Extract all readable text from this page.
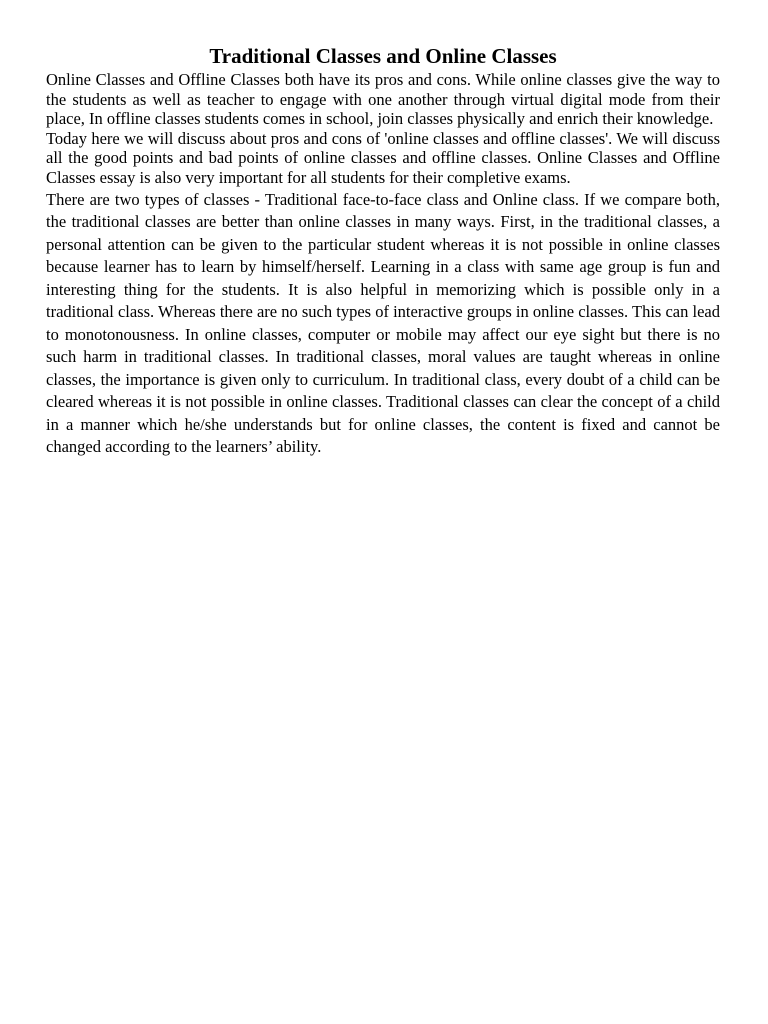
Traditional Classes and Online Classes

Online Classes and Offline Classes both have its pros and cons. While online classes give the way to the students as well as teacher to engage with one another through virtual digital mode from their place, In offline classes students comes in school, join classes physically and enrich their knowledge.

Today here we will discuss about pros and cons of 'online classes and offline classes'. We will discuss all the good points and bad points of online classes and offline classes. Online Classes and Offline Classes essay is also very important for all students for their completive exams.

There are two types of classes - Traditional face-to-face class and Online class. If we compare both, the traditional classes are better than online classes in many ways. First, in the traditional classes, a personal attention can be given to the particular student whereas it is not possible in online classes because learner has to learn by himself/herself. Learning in a class with same age group is fun and interesting thing for the students. It is also helpful in memorizing which is possible only in a traditional class. Whereas there are no such types of interactive groups in online classes. This can lead to monotonousness. In online classes, computer or mobile may affect our eye sight but there is no such harm in traditional classes. In traditional classes, moral values are taught whereas in online classes, the importance is given only to curriculum. In traditional class, every doubt of a child can be cleared whereas it is not possible in online classes. Traditional classes can clear the concept of a child in a manner which he/she understands but for online classes, the content is fixed and cannot be changed according to the learners’ ability.
